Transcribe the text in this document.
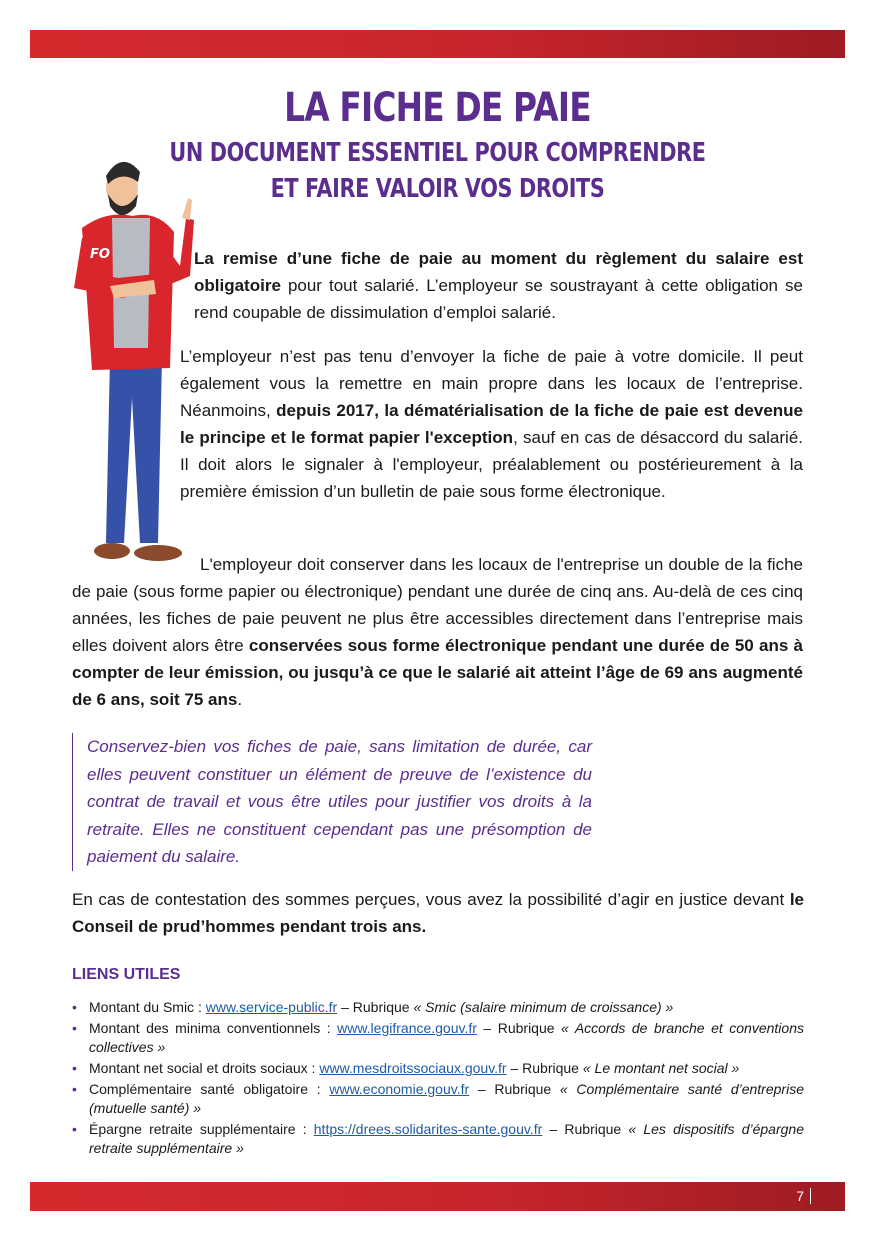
LA FICHE DE PAIE
UN DOCUMENT ESSENTIEL POUR COMPRENDRE
ET FAIRE VALOIR VOS DROITS
FO	La remise d’une fiche de paie au moment du règlement du salaire est obligatoire pour tout salarié. L’employeur se soustrayant à cette obligation se rend coupable de dissimulation d’emploi salarié.
L’employeur n’est pas tenu d’envoyer la fiche de paie à votre domicile. Il peut également vous la remettre en main propre dans les locaux de l’entreprise. Néanmoins, depuis 2017, la dématérialisation de la fiche de paie est devenue le principe et le format papier l'exception, sauf en cas de désaccord du salarié. Il doit alors le signaler à l'employeur, préalablement ou postérieurement à la première émission d’un bulletin de paie sous forme électronique.
L'employeur doit conserver dans les locaux de l'entreprise un double de la fiche de paie (sous forme papier ou électronique) pendant une durée de cinq ans. Au-delà de ces cinq années, les fiches de paie peuvent ne plus être accessibles directement dans l’entreprise mais elles doivent alors être conservées sous forme électronique pendant une durée de 50 ans à compter de leur émission, ou jusqu’à ce que le salarié ait atteint l’âge de 69 ans augmenté de 6 ans, soit 75 ans.
Conservez-bien vos fiches de paie, sans limitation de durée, car elles peuvent constituer un élément de preuve de l’existence du contrat de travail et vous être utiles pour justifier vos droits à la retraite. Elles ne constituent cependant pas une présomption de paiement du salaire.
En cas de contestation des sommes perçues, vous avez la possibilité d’agir en justice devant le Conseil de prud’hommes pendant trois ans.
LIENS UTILES
• Montant du Smic : www.service-public.fr – Rubrique « Smic (salaire minimum de croissance) »
• Montant des minima conventionnels : www.legifrance.gouv.fr – Rubrique « Accords de branche et conventions collectives »
• Montant net social et droits sociaux : www.mesdroitssociaux.gouv.fr – Rubrique « Le montant net social »
• Complémentaire santé obligatoire : www.economie.gouv.fr – Rubrique « Complémentaire santé d’entreprise (mutuelle santé) »
• Épargne retraite supplémentaire : https://drees.solidarites-sante.gouv.fr – Rubrique « Les dispositifs d’épargne retraite supplémentaire »
7
